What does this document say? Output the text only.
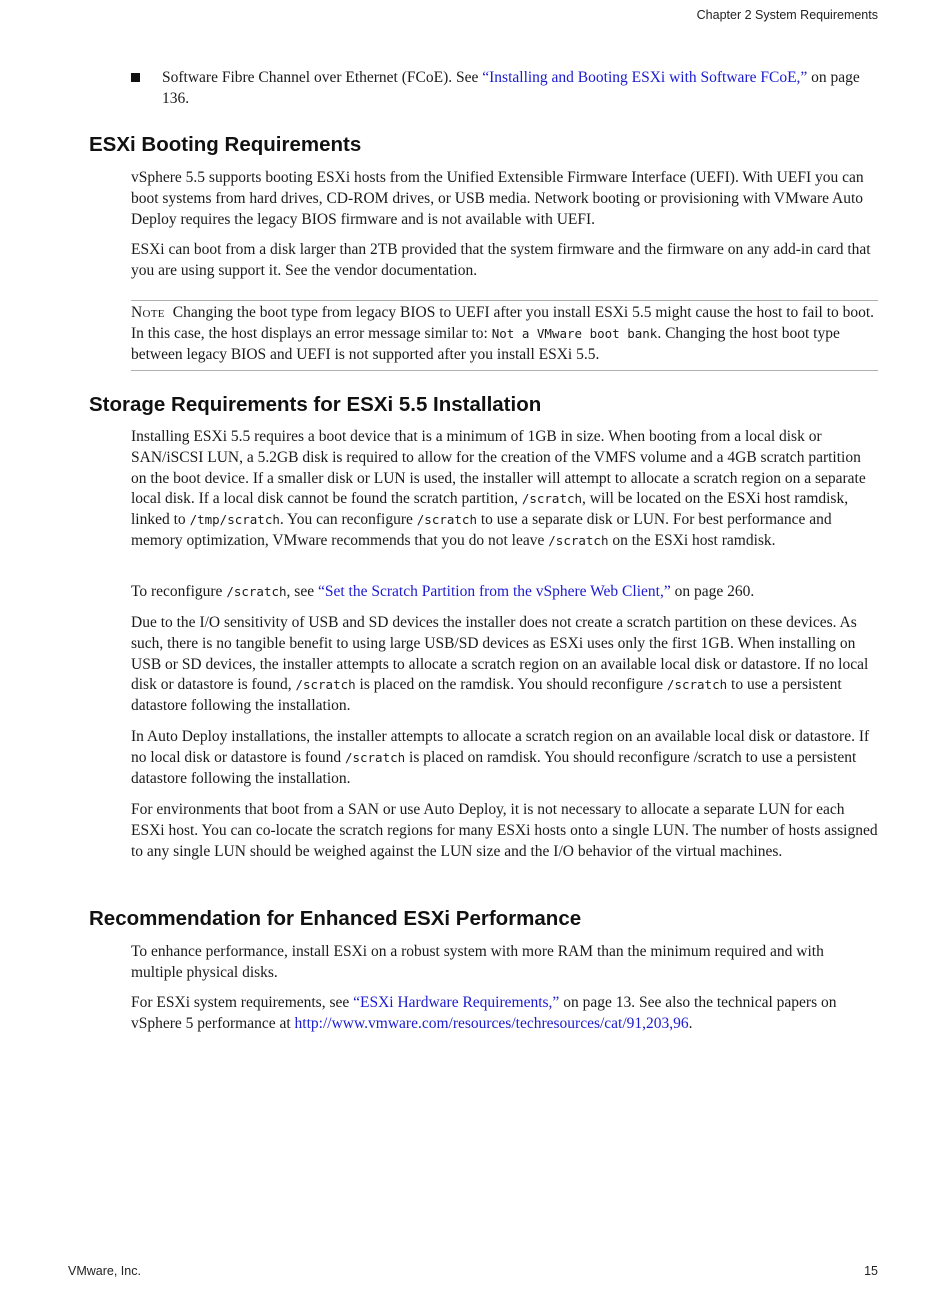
Chapter 2 System Requirements
Software Fibre Channel over Ethernet (FCoE). See “Installing and Booting ESXi with Software FCoE,” on page 136.
ESXi Booting Requirements

vSphere 5.5 supports booting ESXi hosts from the Unified Extensible Firmware Interface (UEFI). With UEFI you can boot systems from hard drives, CD-ROM drives, or USB media. Network booting or provisioning with VMware Auto Deploy requires the legacy BIOS firmware and is not available with UEFI.

ESXi can boot from a disk larger than 2TB provided that the system firmware and the firmware on any add-in card that you are using support it. See the vendor documentation.

Note Changing the boot type from legacy BIOS to UEFI after you install ESXi 5.5 might cause the host to fail to boot. In this case, the host displays an error message similar to: Not a VMware boot bank. Changing the host boot type between legacy BIOS and UEFI is not supported after you install ESXi 5.5.
Storage Requirements for ESXi 5.5 Installation

Installing ESXi 5.5 requires a boot device that is a minimum of 1GB in size. When booting from a local disk or SAN/iSCSI LUN, a 5.2GB disk is required to allow for the creation of the VMFS volume and a 4GB scratch partition on the boot device. If a smaller disk or LUN is used, the installer will attempt to allocate a scratch region on a separate local disk. If a local disk cannot be found the scratch partition, /scratch, will be located on the ESXi host ramdisk, linked to /tmp/scratch. You can reconfigure /scratch to use a separate disk or LUN. For best performance and memory optimization, VMware recommends that you do not leave /scratch on the ESXi host ramdisk.

To reconfigure /scratch, see “Set the Scratch Partition from the vSphere Web Client,” on page 260.

Due to the I/O sensitivity of USB and SD devices the installer does not create a scratch partition on these devices. As such, there is no tangible benefit to using large USB/SD devices as ESXi uses only the first 1GB. When installing on USB or SD devices, the installer attempts to allocate a scratch region on an available local disk or datastore. If no local disk or datastore is found, /scratch is placed on the ramdisk. You should reconfigure /scratch to use a persistent datastore following the installation.

In Auto Deploy installations, the installer attempts to allocate a scratch region on an available local disk or datastore. If no local disk or datastore is found /scratch is placed on ramdisk. You should reconfigure /scratch to use a persistent datastore following the installation.

For environments that boot from a SAN or use Auto Deploy, it is not necessary to allocate a separate LUN for each ESXi host. You can co-locate the scratch regions for many ESXi hosts onto a single LUN. The number of hosts assigned to any single LUN should be weighed against the LUN size and the I/O behavior of the virtual machines.

Recommendation for Enhanced ESXi Performance

To enhance performance, install ESXi on a robust system with more RAM than the minimum required and with multiple physical disks.

For ESXi system requirements, see “ESXi Hardware Requirements,” on page 13. See also the technical papers on vSphere 5 performance at http://www.vmware.com/resources/techresources/cat/91,203,96.

VMware, Inc.	15
